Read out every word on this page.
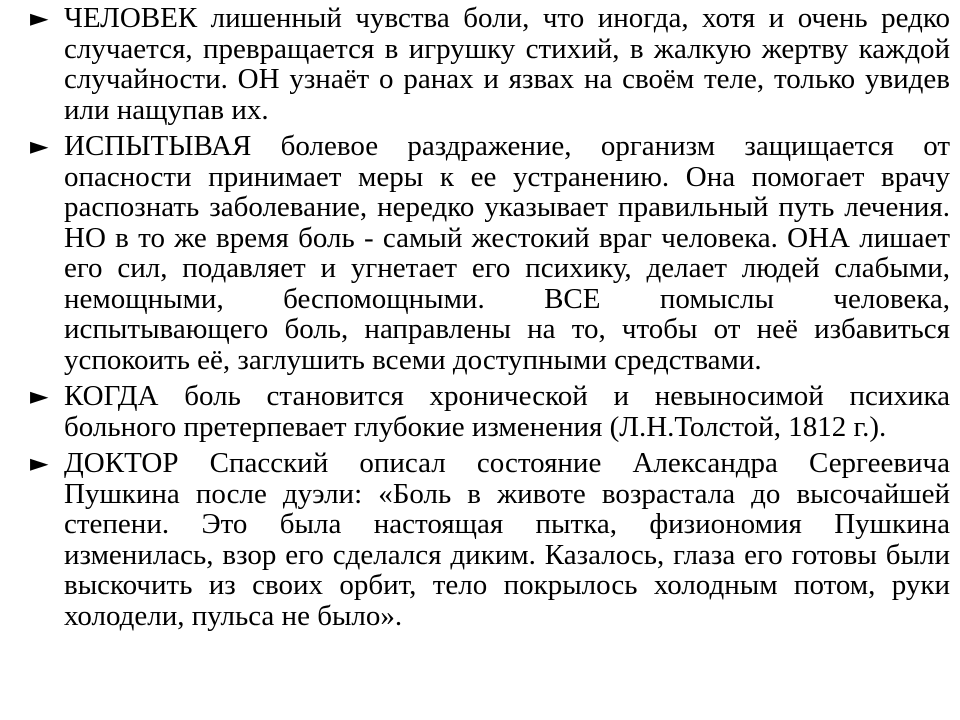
► ЧЕЛОВЕК лишенный чувства боли, что иногда, хотя и очень редко случается, превращается в игрушку стихий, в жалкую жертву каждой случайности. ОН узнаёт о ранах и язвах на своём теле, только увидев или нащупав их.

► ИСПЫТЫВАЯ болевое раздражение, организм защищается от опасности принимает меры к ее устранению. Она помогает врачу распознать заболевание, нередко указывает правильный путь лечения. НО в то же время боль - самый жестокий враг человека. ОНА лишает его сил, подавляет и угнетает его психику, делает людей слабыми, немощными, беспомощными. ВСЕ помыслы человека, испытывающего боль, направлены на то, чтобы от неё избавиться успокоить её, заглушить всеми доступными средствами.

► КОГДА боль становится хронической и невыносимой психика больного претерпевает глубокие изменения (Л.Н.Толстой, 1812 г.).

► ДОКТОР Спасский описал состояние Александра Сергеевича Пушкина после дуэли: «Боль в животе возрастала до высочайшей степени. Это была настоящая пытка, физиономия Пушкина изменилась, взор его сделался диким. Казалось, глаза его готовы были выскочить из своих орбит, тело покрылось холодным потом, руки холодели, пульса не было».
